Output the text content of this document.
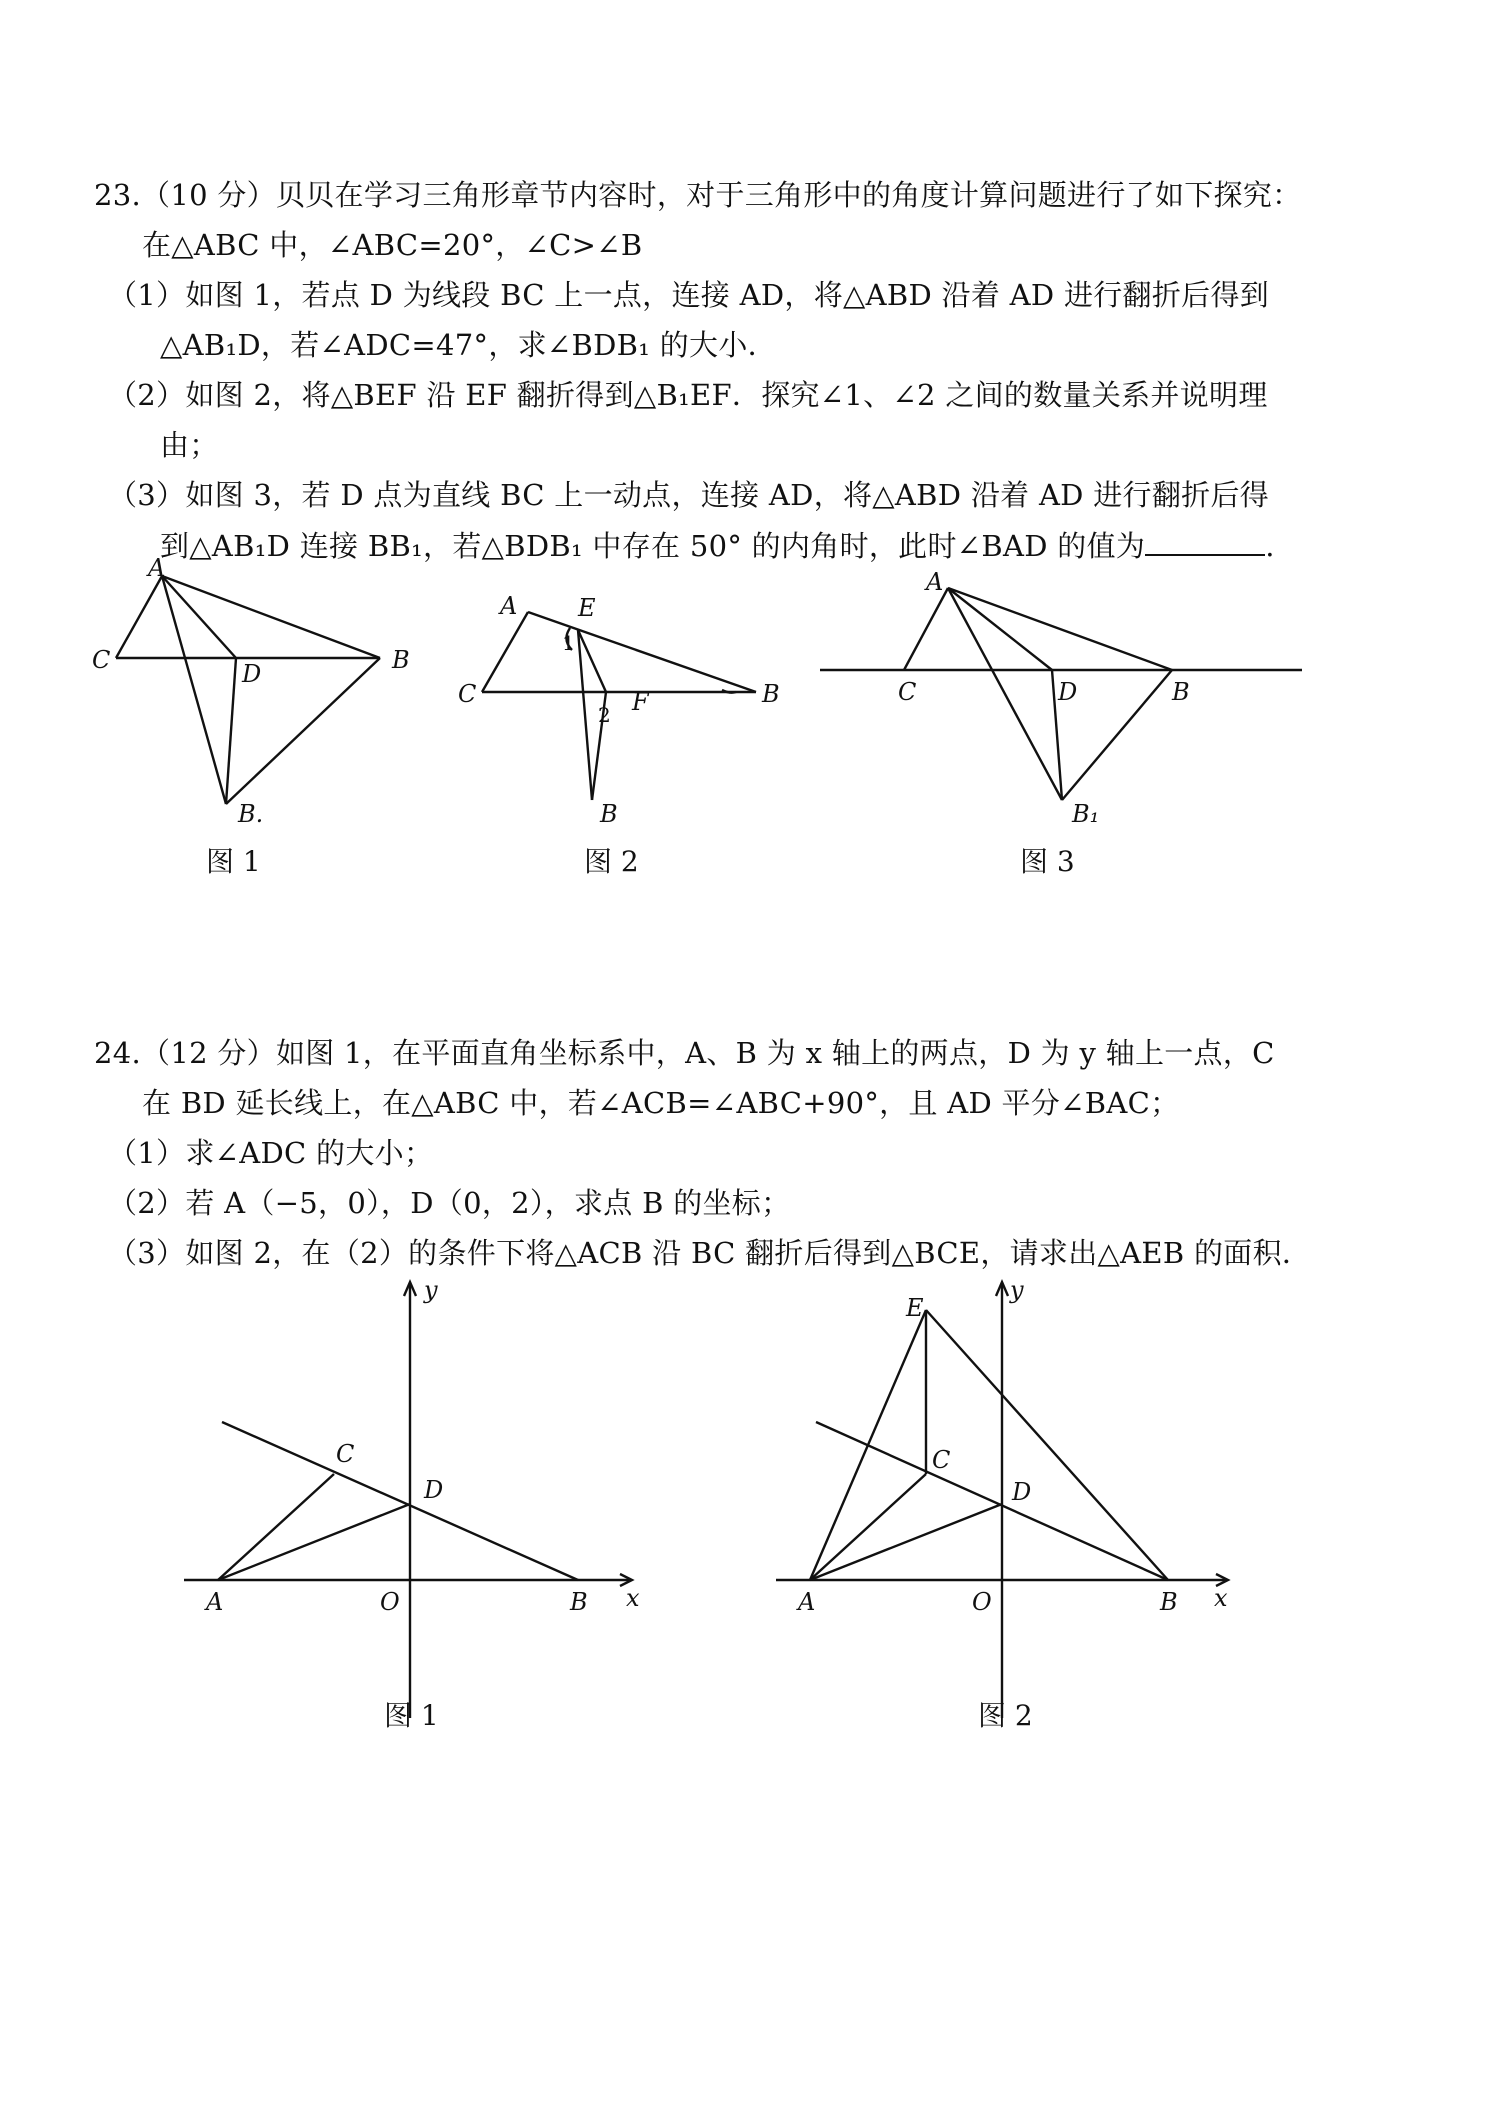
23.（10 分）贝贝在学习三角形章节内容时，对于三角形中的角度计算问题进行了如下探究：
在△ABC 中，∠ABC=20°，∠C>∠B
（1）如图 1，若点 D 为线段 BC 上一点，连接 AD，将△ABD 沿着 AD 进行翻折后得到
△AB₁D，若∠ADC=47°，求∠BDB₁ 的大小．
（2）如图 2，将△BEF 沿 EF 翻折得到△B₁EF．探究∠1、∠2 之间的数量关系并说明理
由；
（3）如图 3，若 D 点为直线 BC 上一动点，连接 AD，将△ABD 沿着 AD 进行翻折后得
到△AB₁D 连接 BB₁，若△BDB₁ 中存在 50° 的内角时，此时∠BAD 的值为	.
A
C	D	B
B.
A	E
1
C
2 F	B
B
A
C	D	B
B₁
图 1	图 2	图 3
24.（12 分）如图 1，在平面直角坐标系中，A、B 为 x 轴上的两点，D 为 y 轴上一点，C
在 BD 延长线上，在△ABC 中，若∠ACB=∠ABC+90°，且 AD 平分∠BAC；
（1）求∠ADC 的大小；
（2）若 A（−5，0），D（0，2），求点 B 的坐标；
（3）如图 2，在（2）的条件下将△ACB 沿 BC 翻折后得到△BCE，请求出△AEB 的面积．
y
C
D
A	O	B x
E
y
C
D
A	O	B x
图 1	图 2
